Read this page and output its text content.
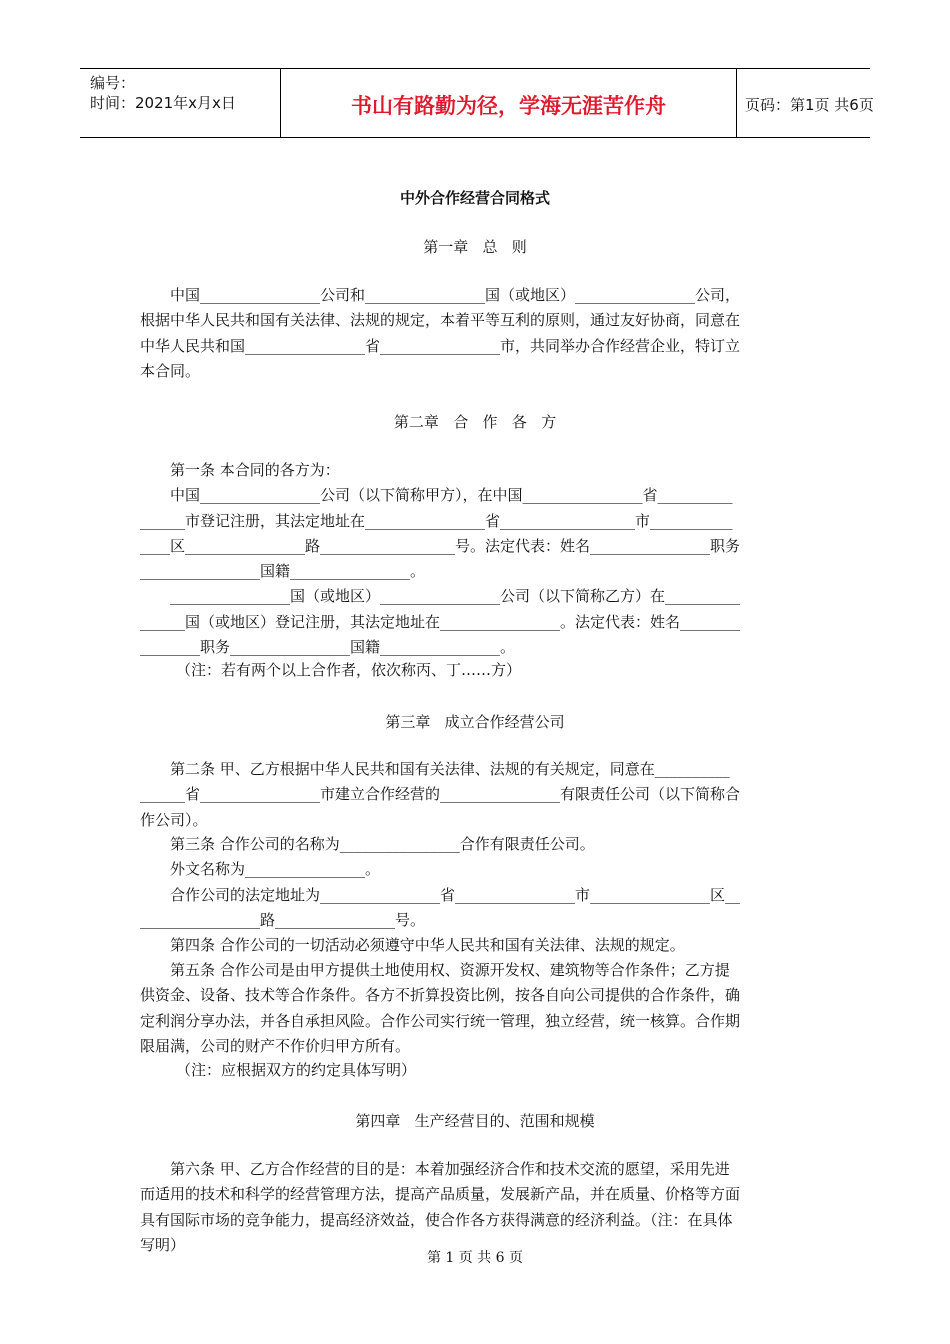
编号：
时间：2021年x月x日	书山有路勤为径，学海无涯苦作舟	页码：第1页 共6页
中外合作经营合同格式
第一章   总   则
　　中国________________公司和________________国（或地区）________________公司，
根据中华人民共和国有关法律、法规的规定，本着平等互利的原则，通过友好协商，同意在
中华人民共和国________________省________________市，共同举办合作经营企业，特订立
本合同。
第二章   合   作   各   方
　　第一条 本合同的各方为：
　　中国________________公司（以下简称甲方），在中国________________省__________
______市登记注册，其法定地址在________________省__________________市___________
____区________________路__________________号。法定代表：姓名________________职务
________________国籍________________。
　　________________国（或地区）________________公司（以下简称乙方）在__________
______国（或地区）登记注册，其法定地址在________________。法定代表：姓名________
________职务________________国籍________________。
（注：若有两个以上合作者，依次称丙、丁……方）
第三章   成立合作经营公司
　　第二条 甲、乙方根据中华人民共和国有关法律、法规的有关规定，同意在__________
______省________________市建立合作经营的________________有限责任公司（以下简称合
作公司）。
　　第三条 合作公司的名称为________________合作有限责任公司。
　　外文名称为________________。
　　合作公司的法定地址为________________省________________市________________区__
________________路________________号。
　　第四条 合作公司的一切活动必须遵守中华人民共和国有关法律、法规的规定。
　　第五条 合作公司是由甲方提供土地使用权、资源开发权、建筑物等合作条件；乙方提
供资金、设备、技术等合作条件。各方不折算投资比例，按各自向公司提供的合作条件，确
定利润分享办法，并各自承担风险。合作公司实行统一管理，独立经营，统一核算。合作期
限届满，公司的财产不作价归甲方所有。
（注：应根据双方的约定具体写明）
第四章   生产经营目的、范围和规模
　　第六条 甲、乙方合作经营的目的是：本着加强经济合作和技术交流的愿望，采用先进
而适用的技术和科学的经营管理方法，提高产品质量，发展新产品，并在质量、价格等方面
具有国际市场的竞争能力，提高经济效益，使合作各方获得满意的经济利益。（注：在具体
写明）
第 1 页 共 6 页
